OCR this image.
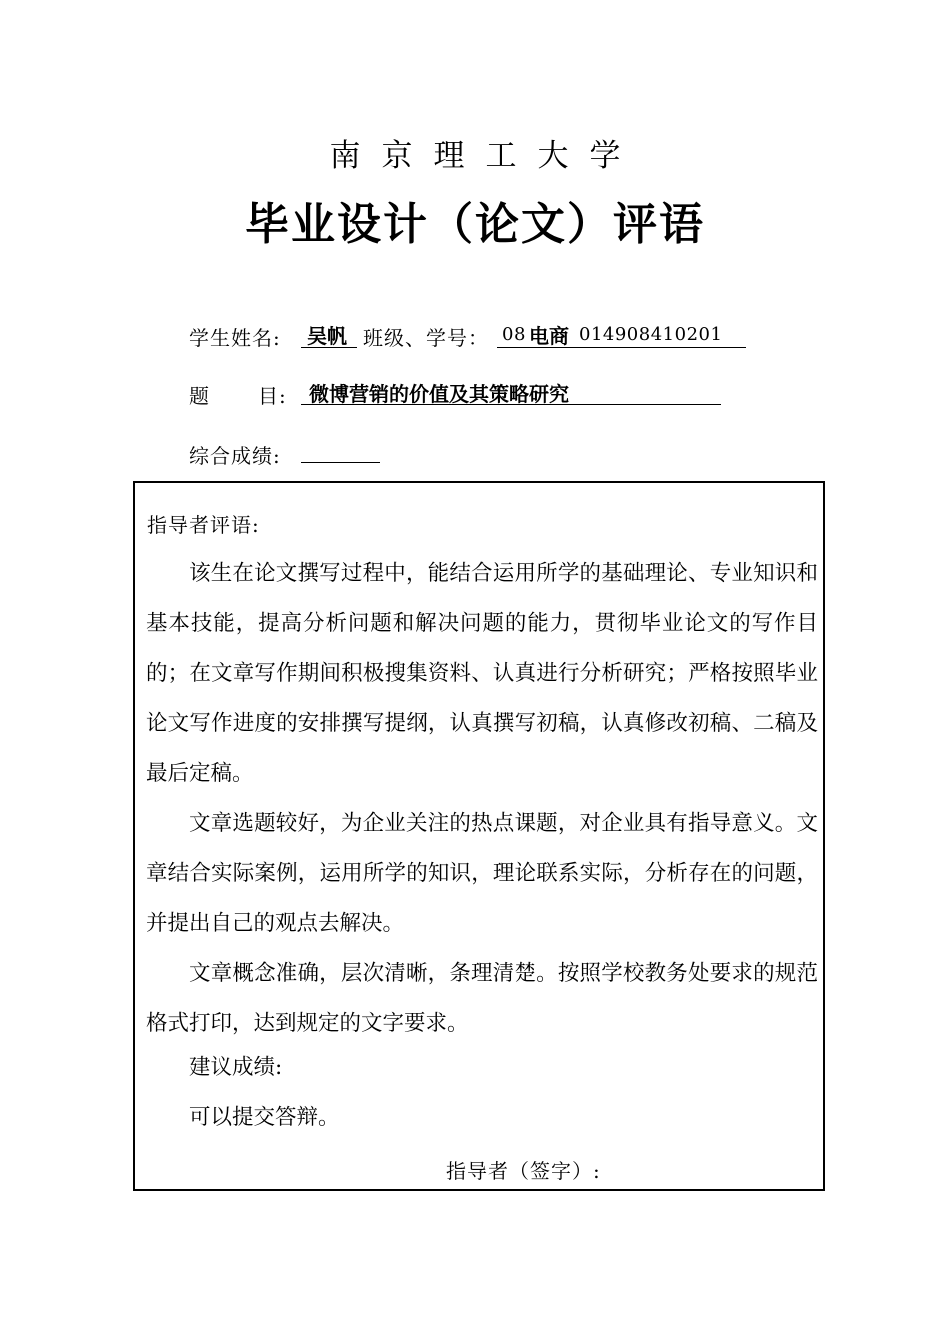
南京理工大学
毕业设计（论文）评语
学生姓名: 吴帆 班级、学号： 08 电商 014908410201
题 目: 微博营销的价值及其策略研究
综合成绩:
指导者评语:
该生在论文撰写过程中，能结合运用所学的基础理论、专业知识和基本技能，提高分析问题和解决问题的能力，贯彻毕业论文的写作目的；在文章写作期间积极搜集资料、认真进行分析研究；严格按照毕业论文写作进度的安排撰写提纲，认真撰写初稿，认真修改初稿、二稿及最后定稿。
文章选题较好，为企业关注的热点课题，对企业具有指导意义。文章结合实际案例，运用所学的知识，理论联系实际，分析存在的问题，并提出自己的观点去解决。
文章概念准确，层次清晰，条理清楚。按照学校教务处要求的规范格式打印，达到规定的文字要求。
建议成绩:
可以提交答辩。
指导者（签字）:
